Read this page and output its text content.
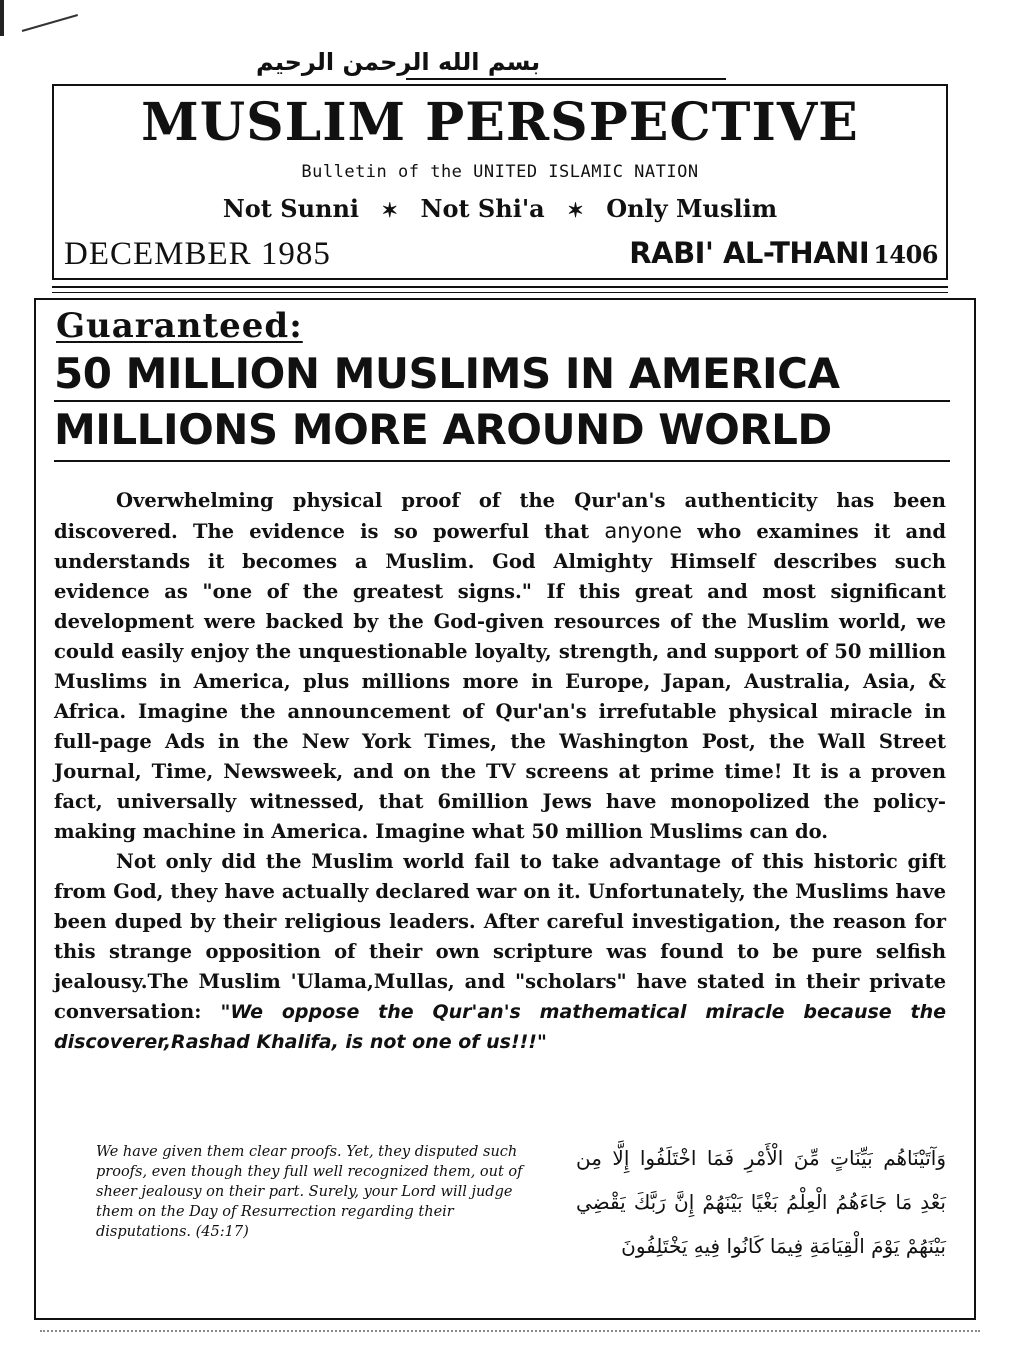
بسم الله الرحمن الرحيم
MUSLIM PERSPECTIVE
Bulletin of the UNITED ISLAMIC NATION
Not Sunni ✶ Not Shi'a ✶ Only Muslim
DECEMBER 1985	RABI' AL-THANI 1406
Guaranteed:
50 MILLION MUSLIMS IN AMERICA
MILLIONS MORE AROUND WORLD

Overwhelming physical proof of the Qur'an's authenticity has been discovered. The evidence is so powerful that anyone who examines it and understands it becomes a Muslim. God Almighty Himself describes such evidence as "one of the greatest signs." If this great and most significant development were backed by the God-given resources of the Muslim world, we could easily enjoy the unquestionable loyalty, strength, and support of 50 million Muslims in America, plus millions more in Europe, Japan, Australia, Asia, & Africa. Imagine the announcement of Qur'an's irrefutable physical miracle in full-page Ads in the New York Times, the Washington Post, the Wall Street Journal, Time, Newsweek, and on the TV screens at prime time! It is a proven fact, universally witnessed, that 6million Jews have monopolized the policy-making machine in America. Imagine what 50 million Muslims can do.

Not only did the Muslim world fail to take advantage of this historic gift from God, they have actually declared war on it. Unfortunately, the Muslims have been duped by their religious leaders. After careful investigation, the reason for this strange opposition of their own scripture was found to be pure selfish jealousy.The Muslim 'Ulama,Mullas, and "scholars" have stated in their private conversation: "We oppose the Qur'an's mathematical miracle because the discoverer,Rashad Khalifa, is not one of us!!!"

We have given them clear proofs. Yet, they disputed such proofs, even though they full well recognized them, out of sheer jealousy on their part. Surely, your Lord will judge them on the Day of Resurrection regarding their disputations. (45:17)
وَآتَيْنَاهُم بَيِّنَاتٍ مِّنَ الْأَمْرِ فَمَا اخْتَلَفُوا إِلَّا مِن بَعْدِ مَا جَاءَهُمُ الْعِلْمُ بَغْيًا بَيْنَهُمْ إِنَّ رَبَّكَ يَقْضِي بَيْنَهُمْ يَوْمَ الْقِيَامَةِ فِيمَا كَانُوا فِيهِ يَخْتَلِفُونَ
